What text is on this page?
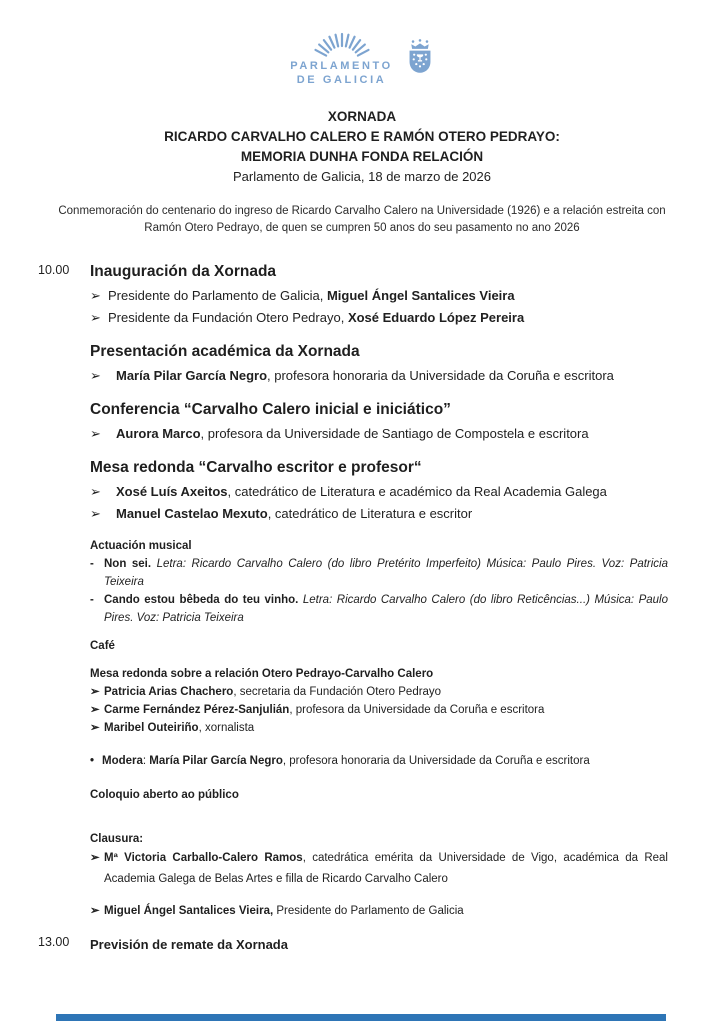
PARLAMENTO
DE GALICIA
XORNADA
RICARDO CARVALHO CALERO E RAMÓN OTERO PEDRAYO:
MEMORIA DUNHA FONDA RELACIÓN
Parlamento de Galicia, 18 de marzo de 2026
Conmemoración do centenario do ingreso de Ricardo Carvalho Calero na Universidade (1926) e a relación estreita con Ramón Otero Pedrayo, de quen se cumpren 50 anos do seu pasamento no ano 2026
10.00 Inauguración da Xornada
➢ Presidente do Parlamento de Galicia, Miguel Ángel Santalices Vieira
➢ Presidente da Fundación Otero Pedrayo, Xosé Eduardo López Pereira
Presentación académica da Xornada
➢	María Pilar García Negro, profesora honoraria da Universidade da Coruña e escritora
Conferencia “Carvalho Calero inicial e iniciático”
➢	Aurora Marco, profesora da Universidade de Santiago de Compostela e escritora
Mesa redonda “Carvalho escritor e profesor“
➢	Xosé Luís Axeitos, catedrático de Literatura e académico da Real Academia Galega
➢	Manuel Castelao Mexuto, catedrático de Literatura e escritor
Actuación musical
- Non sei. Letra: Ricardo Carvalho Calero (do libro Pretérito Imperfeito) Música: Paulo Pires. Voz: Patricia Teixeira
- Cando estou bêbeda do teu vinho. Letra: Ricardo Carvalho Calero (do libro Reticências...) Música: Paulo Pires. Voz: Patricia Teixeira
Café
Mesa redonda sobre a relación Otero Pedrayo-Carvalho Calero
➢ Patricia Arias Chachero, secretaria da Fundación Otero Pedrayo
➢ Carme Fernández Pérez-Sanjulián, profesora da Universidade da Coruña e escritora
➢ Maribel Outeiriño, xornalista
• Modera: María Pilar García Negro, profesora honoraria da Universidade da Coruña e escritora
Coloquio aberto ao público
Clausura:
➢ Mª Victoria Carballo-Calero Ramos, catedrática emérita da Universidade de Vigo, académica da Real Academia Galega de Belas Artes e filla de Ricardo Carvalho Calero
➢ Miguel Ángel Santalices Vieira, Presidente do Parlamento de Galicia
13.00 Previsión de remate da Xornada
